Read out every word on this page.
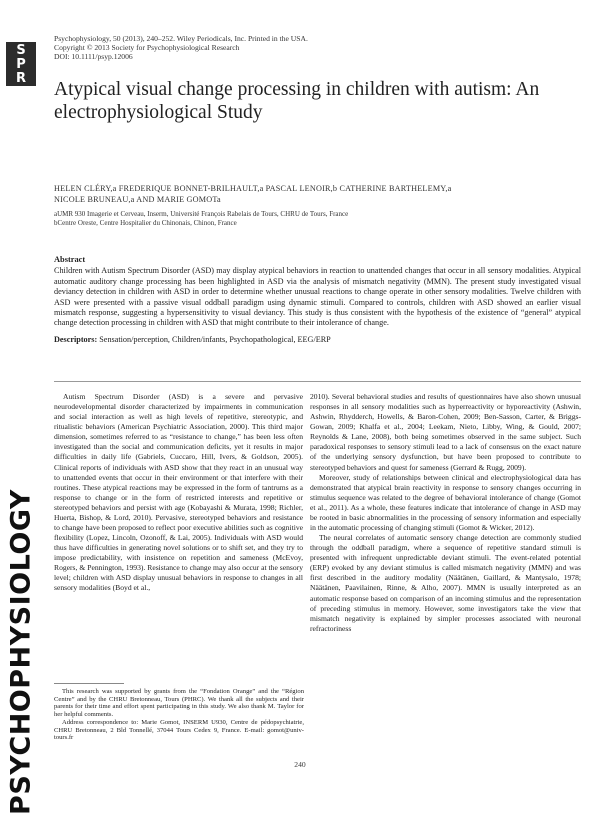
S
P
R
PSYCHOPHYSIOLOGY
Psychophysiology, 50 (2013), 240–252. Wiley Periodicals, Inc. Printed in the USA.
Copyright © 2013 Society for Psychophysiological Research
DOI: 10.1111/psyp.12006
Atypical visual change processing in children with autism: An electrophysiological Study
HELEN CLÉRY,a FREDERIQUE BONNET-BRILHAULT,a PASCAL LENOIR,b CATHERINE BARTHELEMY,a
NICOLE BRUNEAU,a AND MARIE GOMOTa
aUMR 930 Imagerie et Cerveau, Inserm, Université François Rabelais de Tours, CHRU de Tours, France
bCentre Oreste, Centre Hospitalier du Chinonais, Chinon, France
Abstract
Children with Autism Spectrum Disorder (ASD) may display atypical behaviors in reaction to unattended changes that occur in all sensory modalities. Atypical automatic auditory change processing has been highlighted in ASD via the analysis of mismatch negativity (MMN). The present study investigated visual deviancy detection in children with ASD in order to determine whether unusual reactions to change operate in other sensory modalities. Twelve children with ASD were presented with a passive visual oddball paradigm using dynamic stimuli. Compared to controls, children with ASD showed an earlier visual mismatch response, suggesting a hypersensitivity to visual deviancy. This study is thus consistent with the hypothesis of the existence of “general” atypical change detection processing in children with ASD that might contribute to their intolerance of change.
Descriptors: Sensation/perception, Children/infants, Psychopathological, EEG/ERP

Autism Spectrum Disorder (ASD) is a severe and pervasive neurodevelopmental disorder characterized by impairments in communication and social interaction as well as high levels of repetitive, stereotypic, and ritualistic behaviors (American Psychiatric Association, 2000). This third major dimension, sometimes referred to as “resistance to change,” has been less often investigated than the social and communication deficits, yet it results in major difficulties in daily life (Gabriels, Cuccaro, Hill, Ivers, & Goldson, 2005). Clinical reports of individuals with ASD show that they react in an unusual way to unattended events that occur in their environment or that interfere with their routines. These atypical reactions may be expressed in the form of tantrums as a response to change or in the form of restricted interests and repetitive or stereotyped behaviors and persist with age (Kobayashi & Murata, 1998; Richler, Huerta, Bishop, & Lord, 2010). Pervasive, stereotyped behaviors and resistance to change have been proposed to reflect poor executive abilities such as cognitive flexibility (Lopez, Lincoln, Ozonoff, & Lai, 2005). Individuals with ASD would thus have difficulties in generating novel solutions or to shift set, and they try to impose predictability, with insistence on repetition and sameness (McEvoy, Rogers, & Pennington, 1993). Resistance to change may also occur at the sensory level; children with ASD display unusual behaviors in response to changes in all sensory modalities (Boyd et al.,

2010). Several behavioral studies and results of questionnaires have also shown unusual responses in all sensory modalities such as hyperreactivity or hyporeactivity (Ashwin, Ashwin, Rhydderch, Howells, & Baron-Cohen, 2009; Ben-Sasson, Carter, & Briggs-Gowan, 2009; Khalfa et al., 2004; Leekam, Nieto, Libby, Wing, & Gould, 2007; Reynolds & Lane, 2008), both being sometimes observed in the same subject. Such paradoxical responses to sensory stimuli lead to a lack of consensus on the exact nature of the underlying sensory dysfunction, but have been proposed to contribute to stereotyped behaviors and quest for sameness (Gerrard & Rugg, 2009).

Moreover, study of relationships between clinical and electrophysiological data has demonstrated that atypical brain reactivity in response to sensory changes occurring in stimulus sequence was related to the degree of behavioral intolerance of change (Gomot et al., 2011). As a whole, these features indicate that intolerance of change in ASD may be rooted in basic abnormalities in the processing of sensory information and especially in the automatic processing of changing stimuli (Gomot & Wicker, 2012).

The neural correlates of automatic sensory change detection are commonly studied through the oddball paradigm, where a sequence of repetitive standard stimuli is presented with infrequent unpredictable deviant stimuli. The event-related potential (ERP) evoked by any deviant stimulus is called mismatch negativity (MMN) and was first described in the auditory modality (Näätänen, Gaillard, & Mantysalo, 1978; Näätänen, Paavilainen, Rinne, & Alho, 2007). MMN is usually interpreted as an automatic response based on comparison of an incoming stimulus and the representation of preceding stimulus in memory. However, some investigators take the view that mismatch negativity is explained by simpler processes associated with neuronal refractoriness

This research was supported by grants from the “Fondation Orange” and the “Région Centre” and by the CHRU Bretonneau, Tours (PHRC). We thank all the subjects and their parents for their time and effort spent participating in this study. We also thank M. Taylor for her helpful comments.

Address correspondence to: Marie Gomot, INSERM U930, Centre de pédopsychiatrie, CHRU Bretonneau, 2 Bld Tonnellé, 37044 Tours Cedex 9, France. E-mail: gomot@univ-tours.fr

240
